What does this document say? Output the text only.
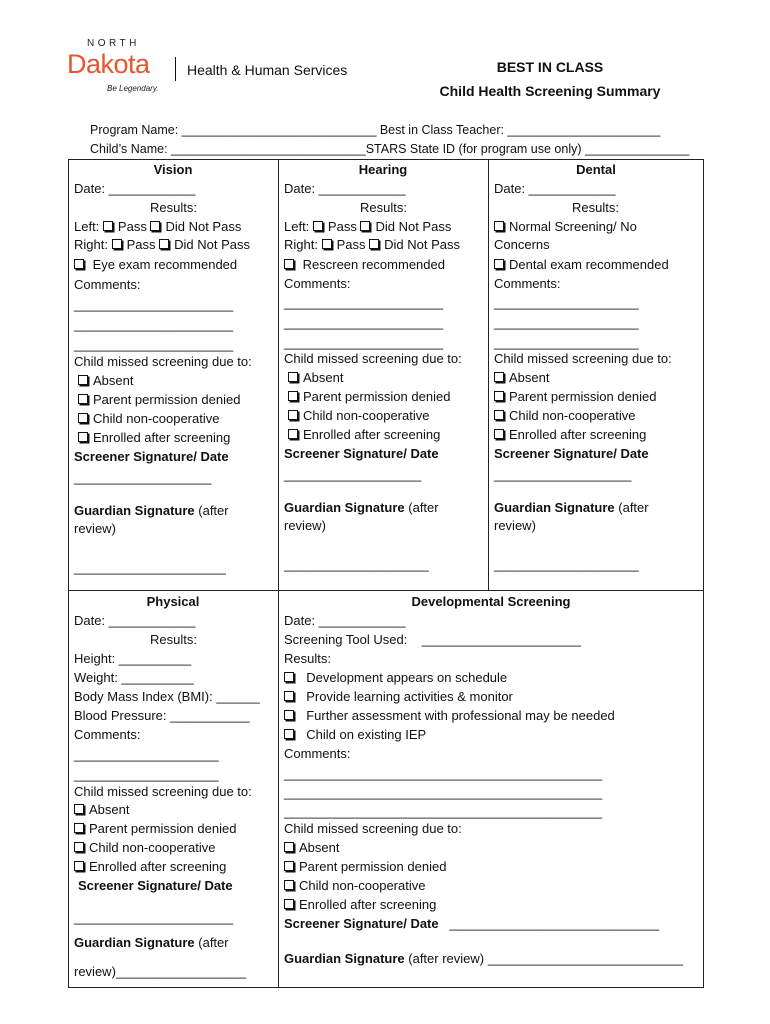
NORTH
Dakota
Be Legendary.
Health & Human Services	BEST IN CLASS
Child Health Screening Summary
Program Name: ____________________________ Best in Class Teacher: ______________________
Child’s Name: ____________________________STARS State ID (for program use only) _______________
Vision
Date: ____________
Results:
Left: Pass Did Not Pass
Right: Pass Did Not Pass
Eye exam recommended
Comments:
______________________
______________________
______________________
Child missed screening due to:
Absent
Parent permission denied
Child non-cooperative
Enrolled after screening
Screener Signature/ Date
___________________
Guardian Signature (after
review)
_____________________
Hearing
Date: ____________
Results:
Left: Pass Did Not Pass
Right: Pass Did Not Pass
Rescreen recommended
Comments:
______________________
______________________
______________________
Child missed screening due to:
Absent
Parent permission denied
Child non-cooperative
Enrolled after screening
Screener Signature/ Date
___________________
Guardian Signature (after
review)
____________________
Dental
Date: ____________
Results:
Normal Screening/ No
Concerns
Dental exam recommended
Comments:
____________________
____________________
____________________
Child missed screening due to:
Absent
Parent permission denied
Child non-cooperative
Enrolled after screening
Screener Signature/ Date
___________________
Guardian Signature (after
review)
____________________
Physical
Date: ____________
Results:
Height: __________
Weight: __________
Body Mass Index (BMI): ______
Blood Pressure: ___________
Comments:
____________________
____________________
Child missed screening due to:
Absent
Parent permission denied
Child non-cooperative
Enrolled after screening
Screener Signature/ Date
______________________
Guardian Signature (after
review)__________________
Developmental Screening
Date: ____________
Screening Tool Used: ______________________
Results:
Development appears on schedule
Provide learning activities & monitor
Further assessment with professional may be needed
Child on existing IEP
Comments:
____________________________________________
____________________________________________
____________________________________________
Child missed screening due to:
Absent
Parent permission denied
Child non-cooperative
Enrolled after screening
Screener Signature/ Date _____________________________
Guardian Signature (after review) ___________________________
